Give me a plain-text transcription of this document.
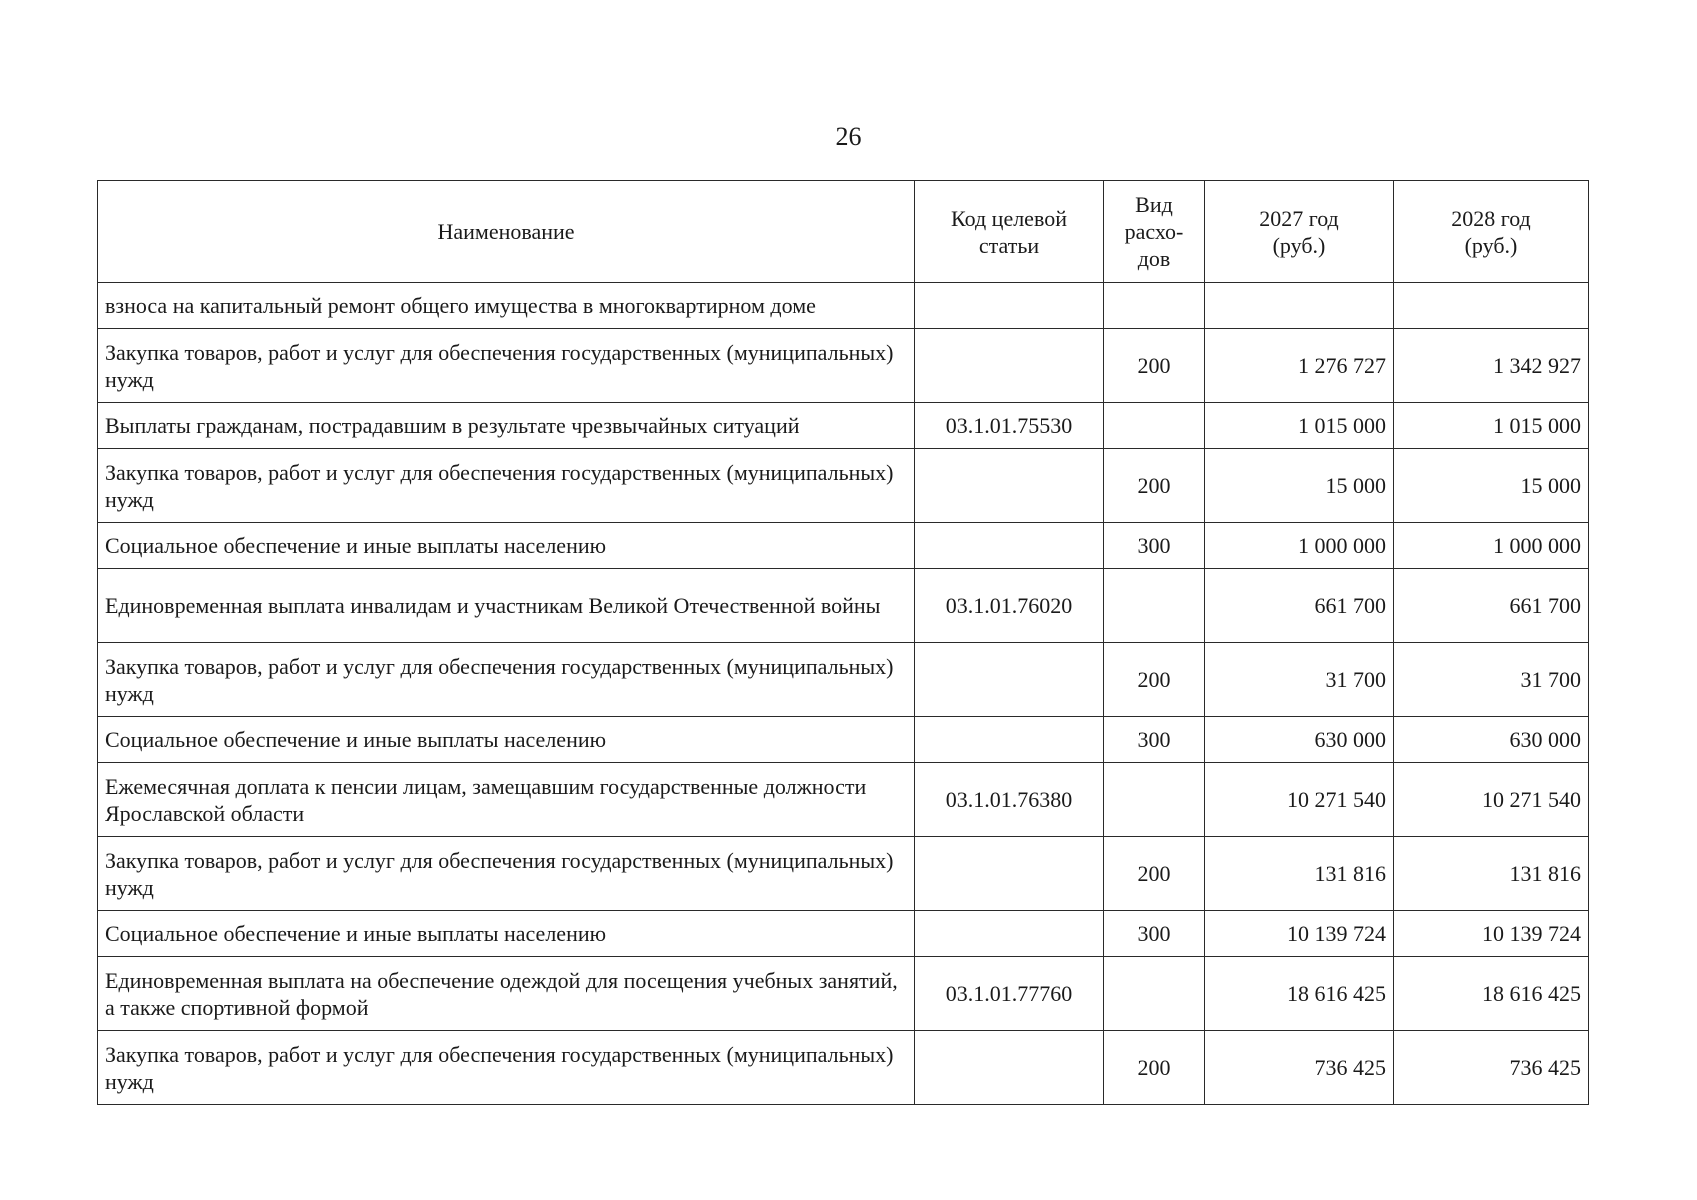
26
Наименование	Код целевой статьи	Вид расхо-дов	2027 год (руб.)	2028 год (руб.)
взноса на капитальный ремонт общего имущества в многоквартирном доме				
Закупка товаров, работ и услуг для обеспечения государственных (муниципальных) нужд		200	1 276 727	1 342 927
Выплаты гражданам, пострадавшим в результате чрезвычайных ситуаций	03.1.01.75530		1 015 000	1 015 000
Закупка товаров, работ и услуг для обеспечения государственных (муниципальных) нужд		200	15 000	15 000
Социальное обеспечение и иные выплаты населению		300	1 000 000	1 000 000
Единовременная выплата инвалидам и участникам Великой Отечественной войны	03.1.01.76020		661 700	661 700
Закупка товаров, работ и услуг для обеспечения государственных (муниципальных) нужд		200	31 700	31 700
Социальное обеспечение и иные выплаты населению		300	630 000	630 000
Ежемесячная доплата к пенсии лицам, замещавшим государственные должности Ярославской области	03.1.01.76380		10 271 540	10 271 540
Закупка товаров, работ и услуг для обеспечения государственных (муниципальных) нужд		200	131 816	131 816
Социальное обеспечение и иные выплаты населению		300	10 139 724	10 139 724
Единовременная выплата на обеспечение одеждой для посещения учебных занятий, а также спортивной формой	03.1.01.77760		18 616 425	18 616 425
Закупка товаров, работ и услуг для обеспечения государственных (муниципальных) нужд		200	736 425	736 425
